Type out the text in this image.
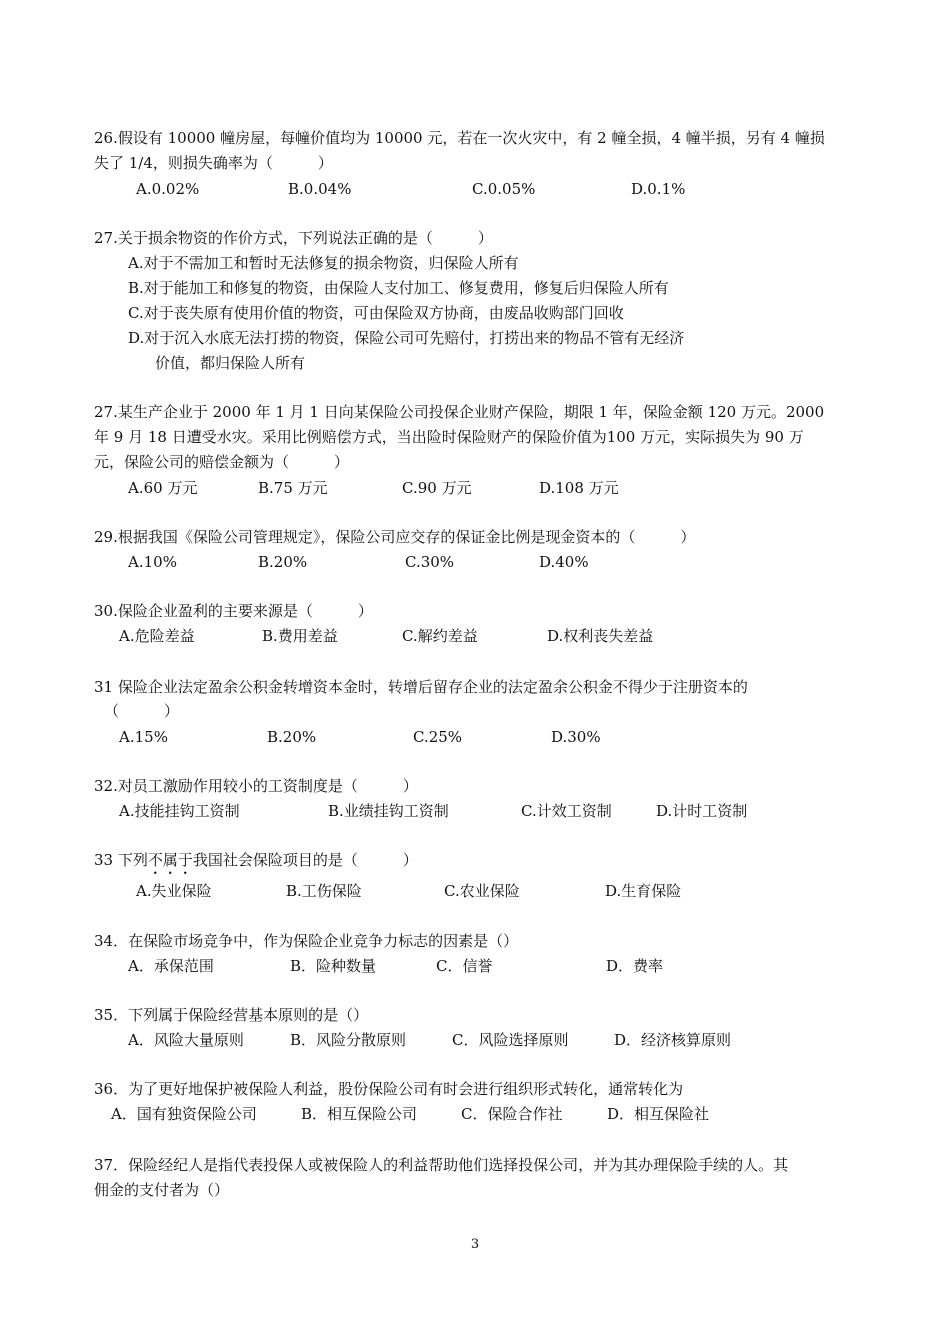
26.假设有 10000 幢房屋，每幢价值均为 10000 元，若在一次火灾中，有 2 幢全损，4 幢半损，另有 4 幢损
失了 1/4，则损失确率为（　　　）
A.0.02%	B.0.04%	C.0.05%	D.0.1%
27.关于损余物资的作价方式，下列说法正确的是（　　　）
A.对于不需加工和暂时无法修复的损余物资，归保险人所有
B.对于能加工和修复的物资，由保险人支付加工、修复费用，修复后归保险人所有
C.对于丧失原有使用价值的物资，可由保险双方协商，由废品收购部门回收
D.对于沉入水底无法打捞的物资，保险公司可先赔付，打捞出来的物品不管有无经济
价值，都归保险人所有
27.某生产企业于 2000 年 1 月 1 日向某保险公司投保企业财产保险，期限 1 年，保险金额 120 万元。2000
年 9 月 18 日遭受水灾。采用比例赔偿方式，当出险时保险财产的保险价值为100 万元，实际损失为 90 万
元，保险公司的赔偿金额为（　　　）
A.60 万元	B.75 万元	C.90 万元	D.108 万元
29.根据我国《保险公司管理规定》，保险公司应交存的保证金比例是现金资本的（　　　）
A.10%	B.20%	C.30%	D.40%
30.保险企业盈利的主要来源是（　　　）
A.危险差益	B.费用差益	C.解约差益	D.权利丧失差益
31 保险企业法定盈余公积金转增资本金时，转增后留存企业的法定盈余公积金不得少于注册资本的
（　　　）
A.15%	B.20%	C.25%	D.30%
32.对员工激励作用较小的工资制度是（　　　）
A.技能挂钩工资制	B.业绩挂钩工资制	C.计效工资制	D.计时工资制
33 下列不属于我国社会保险项目的是（　　　）
A.失业保险	B.工伤保险	C.农业保险	D.生育保险
34．在保险市场竞争中，作为保险企业竞争力标志的因素是（）
A．承保范围	B．险种数量	C．信誉	D．费率
35．下列属于保险经营基本原则的是（）
A．风险大量原则	B．风险分散原则	C．风险选择原则	D．经济核算原则
36．为了更好地保护被保险人利益，股份保险公司有时会进行组织形式转化，通常转化为
A．国有独资保险公司	B．相互保险公司	C．保险合作社	D．相互保险社
37．保险经纪人是指代表投保人或被保险人的利益帮助他们选择投保公司，并为其办理保险手续的人。其
佣金的支付者为（）
3
